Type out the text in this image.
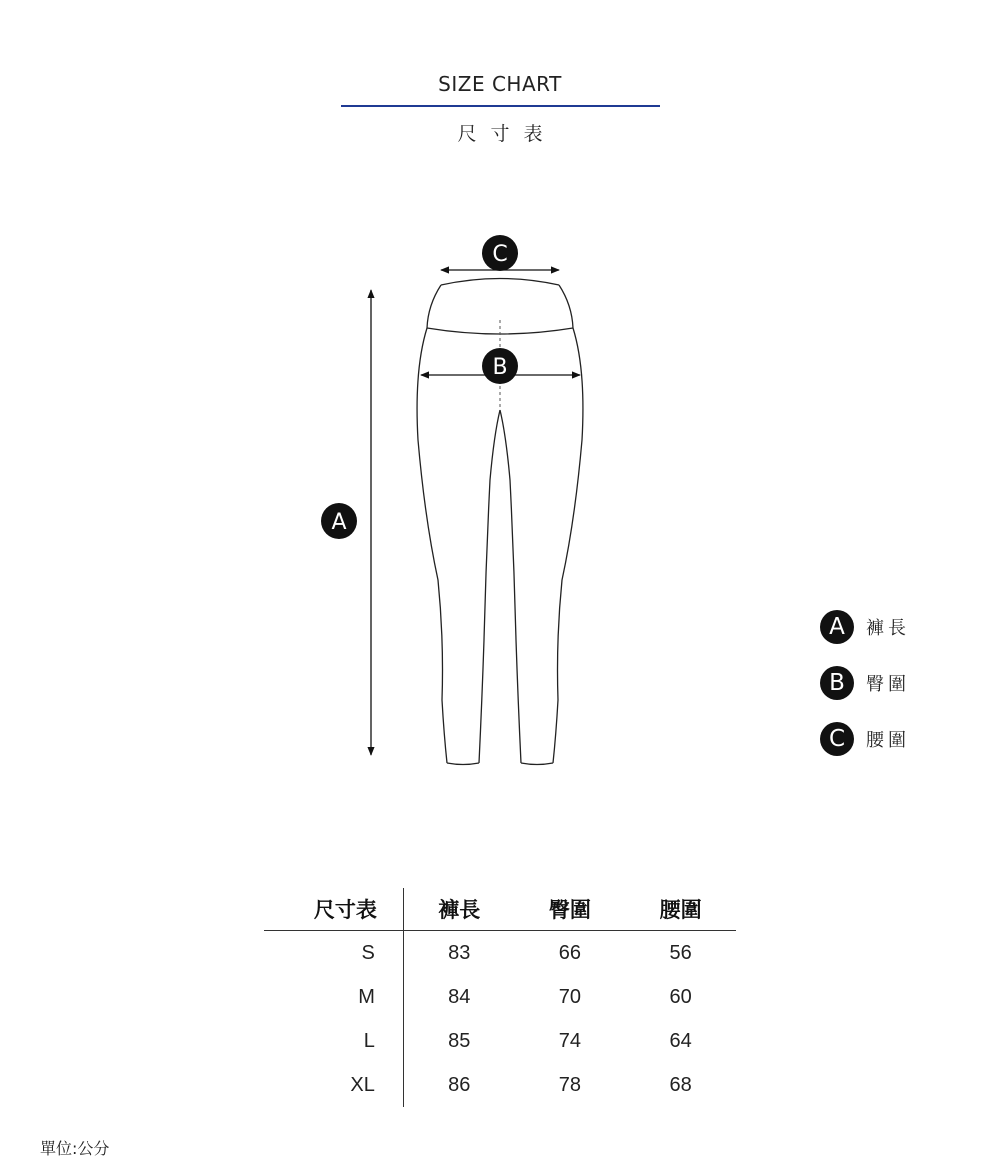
SIZE CHART
尺寸表
A
B
C
A	褲長
B	臀圍
C	腰圍
尺寸表	褲長	臀圍	腰圍
S	83	66	56
M	84	70	60
L	85	74	64
XL	86	78	68
單位:公分
